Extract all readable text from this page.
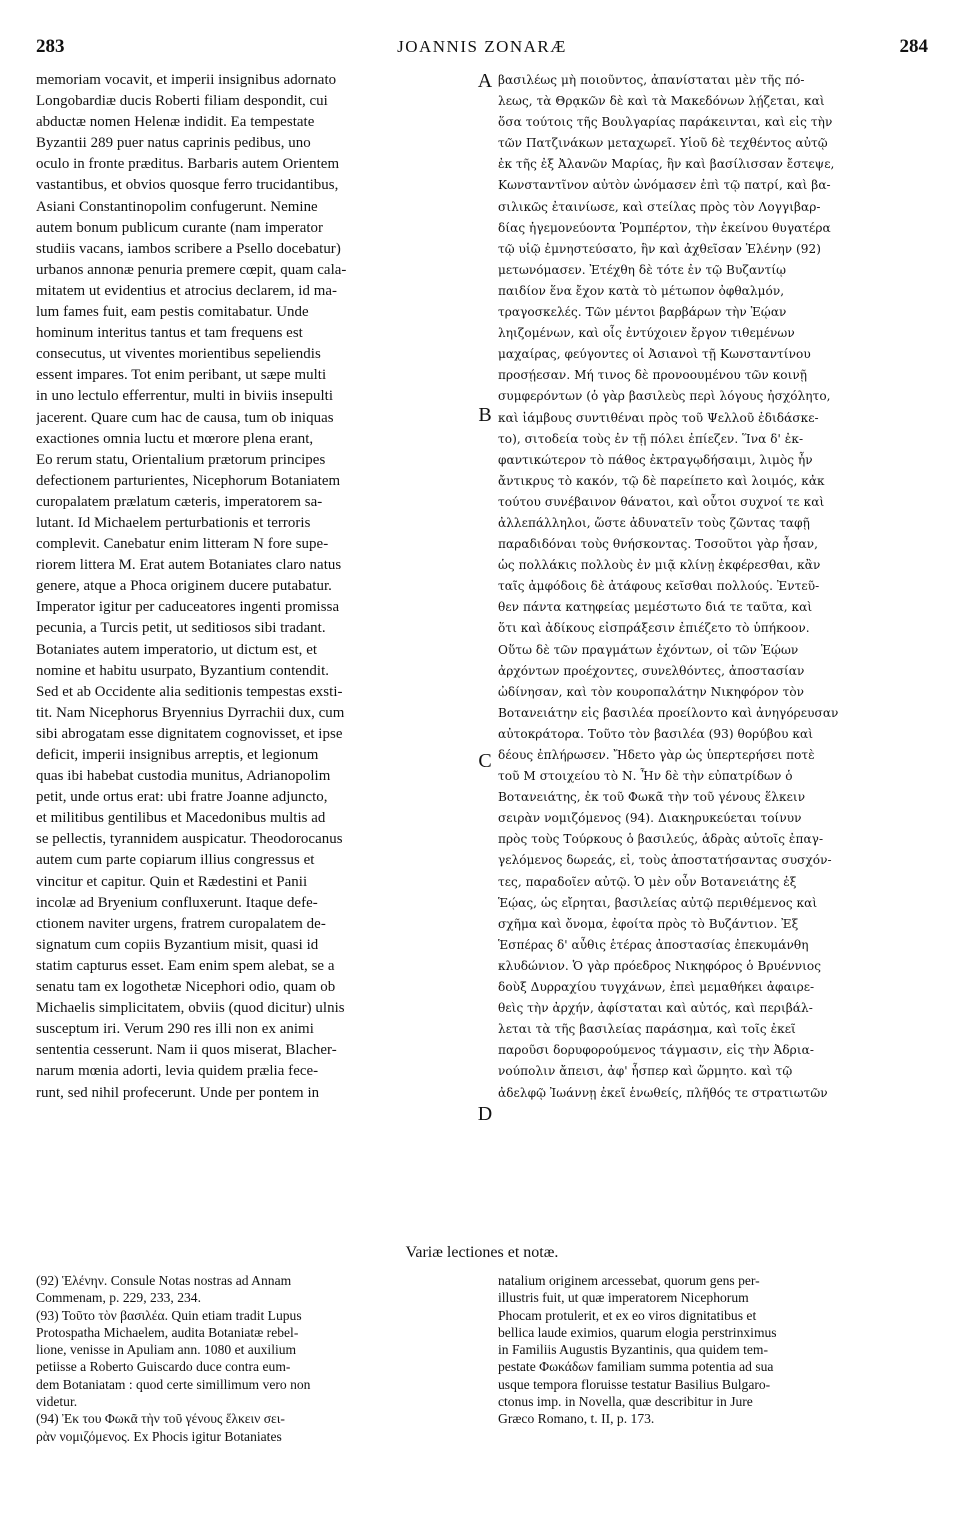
283	JOANNIS ZONARÆ	284
memoriam vocavit, et imperii insignibus adornato
Longobardiæ ducis Roberti filiam despondit, cui
abductæ nomen Helenæ indidit. Ea tempestate
Byzantii 289 puer natus caprinis pedibus, uno
oculo in fronte præditus. Barbaris autem Orientem
vastantibus, et obvios quosque ferro trucidantibus,
Asiani Constantinopolim confugerunt. Nemine
autem bonum publicum curante (nam imperator
studiis vacans, iambos scribere a Psello docebatur)
urbanos annonæ penuria premere cœpit, quam cala-
mitatem ut evidentius et atrocius declarem, id ma-
lum fames fuit, eam pestis comitabatur. Unde
hominum interitus tantus et tam frequens est
consecutus, ut viventes morientibus sepeliendis
essent impares. Tot enim peribant, ut sæpe multi
in uno lectulo efferrentur, multi in biviis insepulti
jacerent. Quare cum hac de causa, tum ob iniquas
exactiones omnia luctu et mœrore plena erant,
Eo rerum statu, Orientalium prætorum principes
defectionem parturientes, Nicephorum Botaniatem
curopalatem prælatum cæteris, imperatorem sa-
lutant. Id Michaelem perturbationis et terroris
complevit. Canebatur enim litteram N fore supe-
riorem littera M. Erat autem Botaniates claro natus
genere, atque a Phoca originem ducere putabatur.
Imperator igitur per caduceatores ingenti promissa
pecunia, a Turcis petit, ut seditiosos sibi tradant.
Botaniates autem imperatorio, ut dictum est, et
nomine et habitu usurpato, Byzantium contendit.
Sed et ab Occidente alia seditionis tempestas exsti-
tit. Nam Nicephorus Bryennius Dyrrachii dux, cum
sibi abrogatam esse dignitatem cognovisset, et ipse
deficit, imperii insignibus arreptis, et legionum
quas ibi habebat custodia munitus, Adrianopolim
petit, unde ortus erat: ubi fratre Joanne adjuncto,
et militibus gentilibus et Macedonibus multis ad
se pellectis, tyrannidem auspicatur. Theodorocanus
autem cum parte copiarum illius congressus et
vincitur et capitur. Quin et Rædestini et Panii
incolæ ad Bryenium confluxerunt. Itaque defe-
ctionem naviter urgens, fratrem curopalatem de-
signatum cum copiis Byzantium misit, quasi id
statim capturus esset. Eam enim spem alebat, se a
senatu tam ex logothetæ Nicephori odio, quam ob
Michaelis simplicitatem, obviis (quod dicitur) ulnis
susceptum iri. Verum 290 res illi non ex animi
sententia cesserunt. Nam ii quos miserat, Blacher-
narum mœnia adorti, levia quidem prælia fece-
runt, sed nihil profecerunt. Unde per pontem in
A
B
C
D
βασιλέως μὴ ποιοῦντος, ἀπανίσταται μὲν τῆς πό-
λεως, τὰ Θρᾳκῶν δὲ καὶ τὰ Μακεδόνων λῄζεται, καὶ
ὅσα τούτοις τῆς Βουλγαρίας παράκεινται, καὶ εἰς τὴν
τῶν Πατζινάκων μεταχωρεῖ. Υἱοῦ δὲ τεχθέντος αὐτῷ
ἐκ τῆς ἐξ Ἀλανῶν Μαρίας, ἣν καὶ βασίλισσαν ἔστεψε,
Κωνσταντῖνον αὐτὸν ὠνόμασεν ἐπὶ τῷ πατρί, καὶ βα-
σιλικῶς ἐταινίωσε, καὶ στείλας πρὸς τὸν Λογγιβαρ-
δίας ἡγεμονεύοντα Ῥομπέρτον, τὴν ἐκείνου θυγατέρα
τῷ υἱῷ ἐμνηστεύσατο, ἣν καὶ ἀχθεῖσαν Ἑλένην (92)
μετωνόμασεν. Ἐτέχθη δὲ τότε ἐν τῷ Βυζαντίῳ
παιδίον ἕνα ἔχον κατὰ τὸ μέτωπον ὀφθαλμόν,
τραγοσκελές. Τῶν μέντοι βαρβάρων τὴν Ἑῴαν
ληιζομένων, καὶ οἷς ἐντύχοιεν ἔργον τιθεμένων
μαχαίρας, φεύγοντες οἱ Ἀσιανοὶ τῇ Κωνσταντίνου
προσῄεσαν. Μή τινος δὲ προνοουμένου τῶν κοινῇ
συμφερόντων (ὁ γὰρ βασιλεὺς περὶ λόγους ἠσχόλητο,
καὶ ἰάμβους συντιθέναι πρὸς τοῦ Ψελλοῦ ἐδιδάσκε-
το), σιτοδεία τοὺς ἐν τῇ πόλει ἐπίεζεν. Ἵνα δ' ἐκ-
φαντικώτερον τὸ πάθος ἐκτραγῳδήσαιμι, λιμὸς ἦν
ἄντικρυς τὸ κακόν, τῷ δὲ παρείπετο καὶ λοιμός, κἀκ
τούτου συνέβαινον θάνατοι, καὶ οὗτοι συχνοί τε καὶ
ἀλλεπάλληλοι, ὥστε ἀδυνατεῖν τοὺς ζῶντας ταφῇ
παραδιδόναι τοὺς θνήσκοντας. Τοσοῦτοι γὰρ ἦσαν,
ὡς πολλάκις πολλοὺς ἐν μιᾷ κλίνῃ ἐκφέρεσθαι, κἂν
ταῖς ἀμφόδοις δὲ ἀτάφους κεῖσθαι πολλούς. Ἐντεῦ-
θεν πάντα κατηφείας μεμέστωτο διά τε ταῦτα, καὶ
ὅτι καὶ ἀδίκους εἰσπράξεσιν ἐπιέζετο τὸ ὑπήκοον.
Οὕτω δὲ τῶν πραγμάτων ἐχόντων, οἱ τῶν Ἑῴων
ἀρχόντων προέχοντες, συνελθόντες, ἀποστασίαν
ὠδίνησαν, καὶ τὸν κουροπαλάτην Νικηφόρον τὸν
Βοτανειάτην εἰς βασιλέα προείλοντο καὶ ἀνηγόρευσαν
αὐτοκράτορα. Τοῦτο τὸν βασιλέα (93) θορύβου καὶ
δέους ἐπλήρωσεν. Ἤδετο γὰρ ὡς ὑπερτερήσει ποτὲ
τοῦ Μ στοιχείου τὸ Ν. Ἦν δὲ τὴν εὐπατρίδων ὁ
Βοτανειάτης, ἐκ τοῦ Φωκᾶ τὴν τοῦ γένους ἕλκειν
σειρὰν νομιζόμενος (94). Διακηρυκεύεται τοίνυν
πρὸς τοὺς Τούρκους ὁ βασιλεύς, ἁδρὰς αὐτοῖς ἐπαγ-
γελόμενος δωρεάς, εἰ, τοὺς ἀποστατήσαντας συσχόν-
τες, παραδοῖεν αὐτῷ. Ὁ μὲν οὖν Βοτανειάτης ἐξ
Ἑῴας, ὡς εἴρηται, βασιλείας αὐτῷ περιθέμενος καὶ
σχῆμα καὶ ὄνομα, ἐφοίτα πρὸς τὸ Βυζάντιον. Ἐξ
Ἑσπέρας δ' αὖθις ἑτέρας ἀποστασίας ἐπεκυμάνθη
κλυδώνιον. Ὁ γὰρ πρόεδρος Νικηφόρος ὁ Βρυέννιος
δοὺξ Δυρραχίου τυγχάνων, ἐπεὶ μεμαθήκει ἀφαιρε-
θεὶς τὴν ἀρχήν, ἀφίσταται καὶ αὐτός, καὶ περιβάλ-
λεται τὰ τῆς βασιλείας παράσημα, καὶ τοῖς ἐκεῖ
παροῦσι δορυφορούμενος τάγμασιν, εἰς τὴν Ἀδρια-
νούπολιν ἄπεισι, ἀφ' ἧσπερ καὶ ὥρμητο. καὶ τῷ
ἀδελφῷ Ἰωάννῃ ἐκεῖ ἑνωθείς, πλῆθός τε στρατιωτῶν
Variæ lectiones et notæ.
(92) Ἑλένην. Consule Notas nostras ad Annam
Commenam, p. 229, 233, 234.
(93) Τοῦτο τὸν βασιλέα. Quin etiam tradit Lupus
Protospatha Michaelem, audita Botaniatæ rebel-
lione, venisse in Apuliam ann. 1080 et auxilium
petiisse a Roberto Guiscardo duce contra eum-
dem Botaniatam : quod certe simillimum vero non
videtur.
(94) Ἐκ του Φωκᾶ τὴν τοῦ γένους ἕλκειν σει-
ρὰν νομιζόμενος. Ex Phocis igitur Botaniates
natalium originem arcessebat, quorum gens per-
illustris fuit, ut quæ imperatorem Nicephorum
Phocam protulerit, et ex eo viros dignitatibus et
bellica laude eximios, quarum elogia perstrinximus
in Familiis Augustis Byzantinis, qua quidem tem-
pestate Φωκάδων familiam summa potentia ad sua
usque tempora floruisse testatur Basilius Bulgaro-
ctonus imp. in Novella, quæ describitur in Jure
Græco Romano, t. II, p. 173.
